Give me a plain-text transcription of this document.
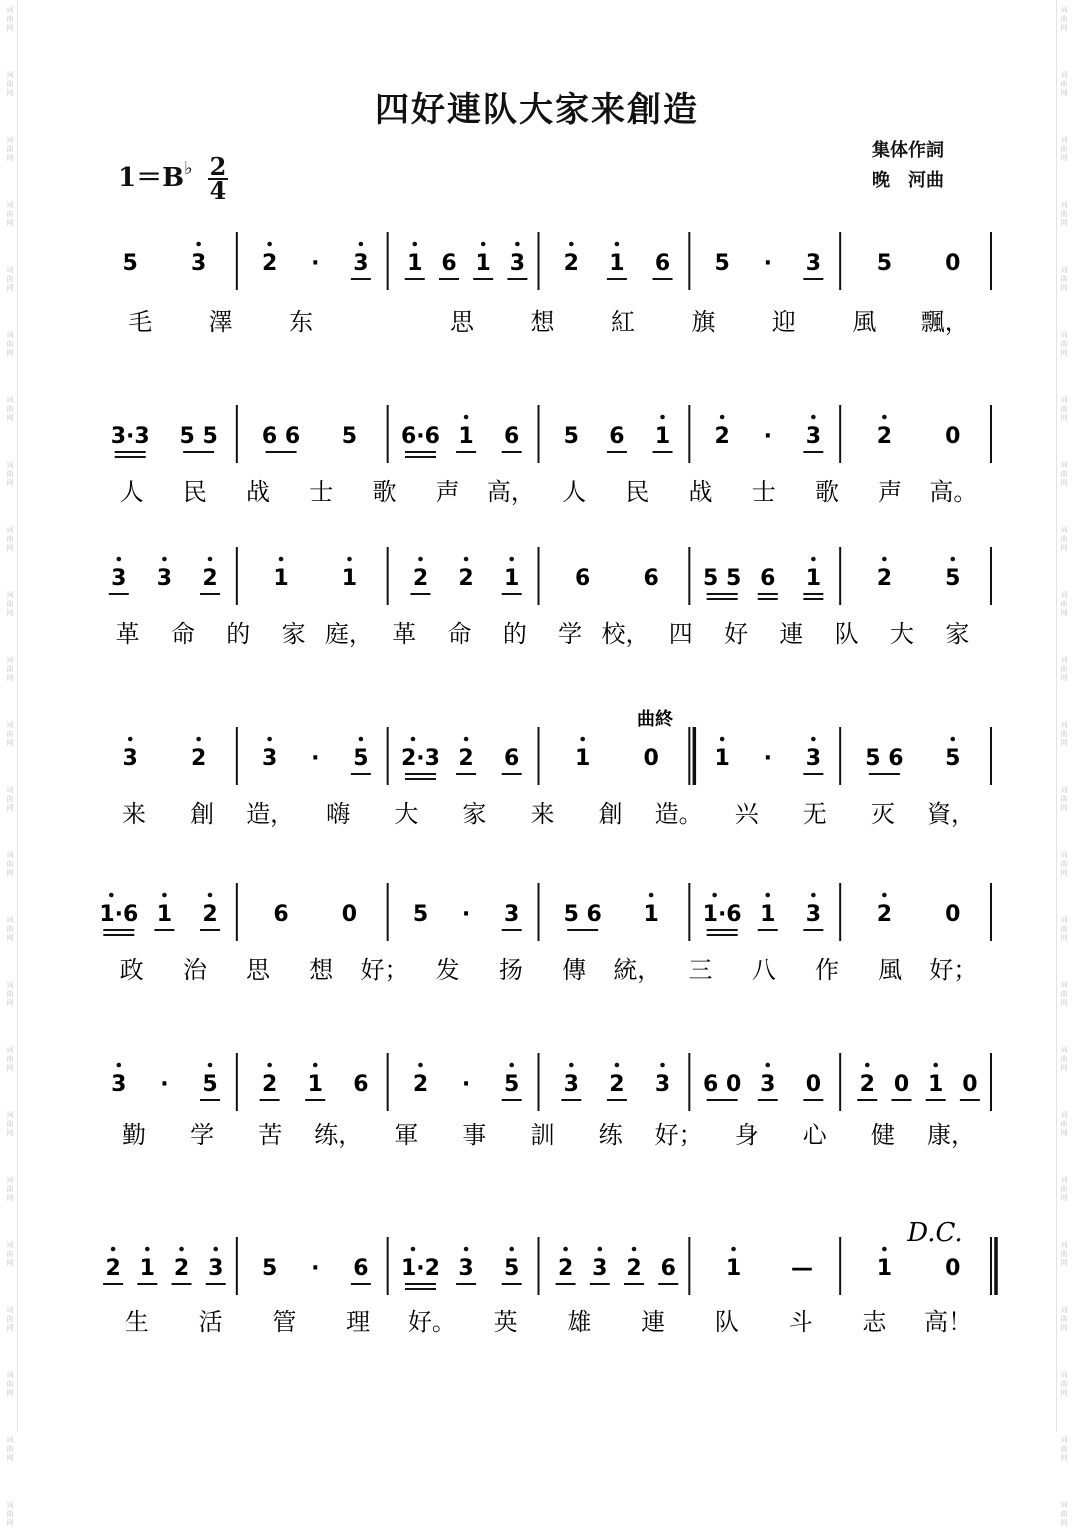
词
曲
网
词
曲
网
词
曲
网
词
曲
网
词
曲
网
词
曲
网
词
曲
网
词
曲
网
词
曲
网
词
曲
网
词
曲
网
词
曲
网
词
曲
网
词
曲
网
词
曲
网
词
曲
网
词
曲
网
词
曲
网
词
曲
网
词
曲
网
词
曲
网
词
曲
网
词
曲
网
词
曲
网
词
曲
网
词
曲
网
词
曲
网
词
曲
网
词
曲
网
词
曲
网
词
曲
网
词
曲
网
词
曲
网
词
曲
网
词
曲
网
词
曲
网
词
曲
网
词
曲
网
词
曲
网
词
曲
网
词
曲
网
词
曲
网
词
曲
网
词
曲
网
词
曲
网
词
曲
网
词
曲
网
词
曲
网
四好連队大家来創造
$1=B^♭ \frac{2}{4}$
集体作詞
晚　河曲
5 3	2 · 3 1 6 1 3 2 1 6 5 · 3	5 0
毛 澤 东	思 想 紅 旗 迎 風 飄，
3·3 5 5 6 6 5 6·6 1 6 5 6 1 2 · 3	2 0
人 民 战 士 歌 声 高， 人 民 战 士 歌 声 高。
3 3 2	1 1	2 2 1	6 6 5 5 6 1	2 5
革 命 的 家 庭， 革 命 的 学 校， 四 好 連 队 大 家
3 2	3 · 5 2·3 2 6	1 0	1 · 3 5 6 5
来 創 造， 嗨 大 家 来 創 造。 兴 无 灭 資，
曲終
1·6 1 2	6 0	5 · 3 5 6 1 1·6 1 3	2 0
政 治 思 想 好； 发 扬 傳 統， 三 八 作 風 好；
3 · 5 2 1 6 2 · 5 3 2 3 6 0 3 0 2 0 1 0
勤 学 苦 练， 軍 事 訓 练 好； 身 心 健 康，
2 1 2 3 5 · 6 1·2 3 5 2 3 2 6 1 —	1 0
生 活 管 理 好。 英 雄 連 队 斗 志 高！
D.C.
